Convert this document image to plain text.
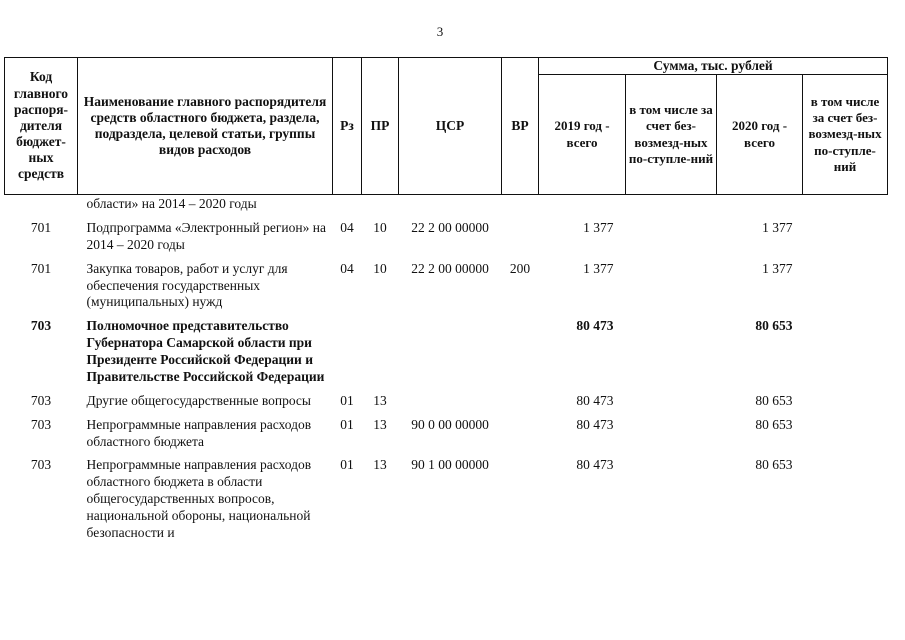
3
Код главного распоря-дителя бюджет-ных средств	Наименование главного распорядителя средств областного бюджета, раздела, подраздела, целевой статьи, группы видов расходов	Рз	ПР	ЦСР	ВР	Сумма, тыс. рублей			
						2019 год - всего	в том числе за счет без-возмезд-ных по-ступле-ний	2020 год - всего	в том числе за счет без-возмезд-ных по-ступле-ний
	области» на 2014 – 2020 годы								
701	Подпрограмма «Электронный регион» на 2014 – 2020 годы	04	10	22 2 00 00000		1 377		1 377	
701	Закупка товаров, работ и услуг для обеспечения государственных (муниципальных) нужд	04	10	22 2 00 00000	200	1 377		1 377	
703	Полномочное представительство Губернатора Самарской области при Президенте Российской Федерации и Правительстве Российской Федерации					80 473		80 653	
703	Другие общегосударственные вопросы	01	13			80 473		80 653	
703	Непрограммные направления расходов областного бюджета	01	13	90 0 00 00000		80 473		80 653	
703	Непрограммные направления расходов областного бюджета в области общегосударственных вопросов, национальной обороны, национальной безопасности и	01	13	90 1 00 00000		80 473		80 653	
